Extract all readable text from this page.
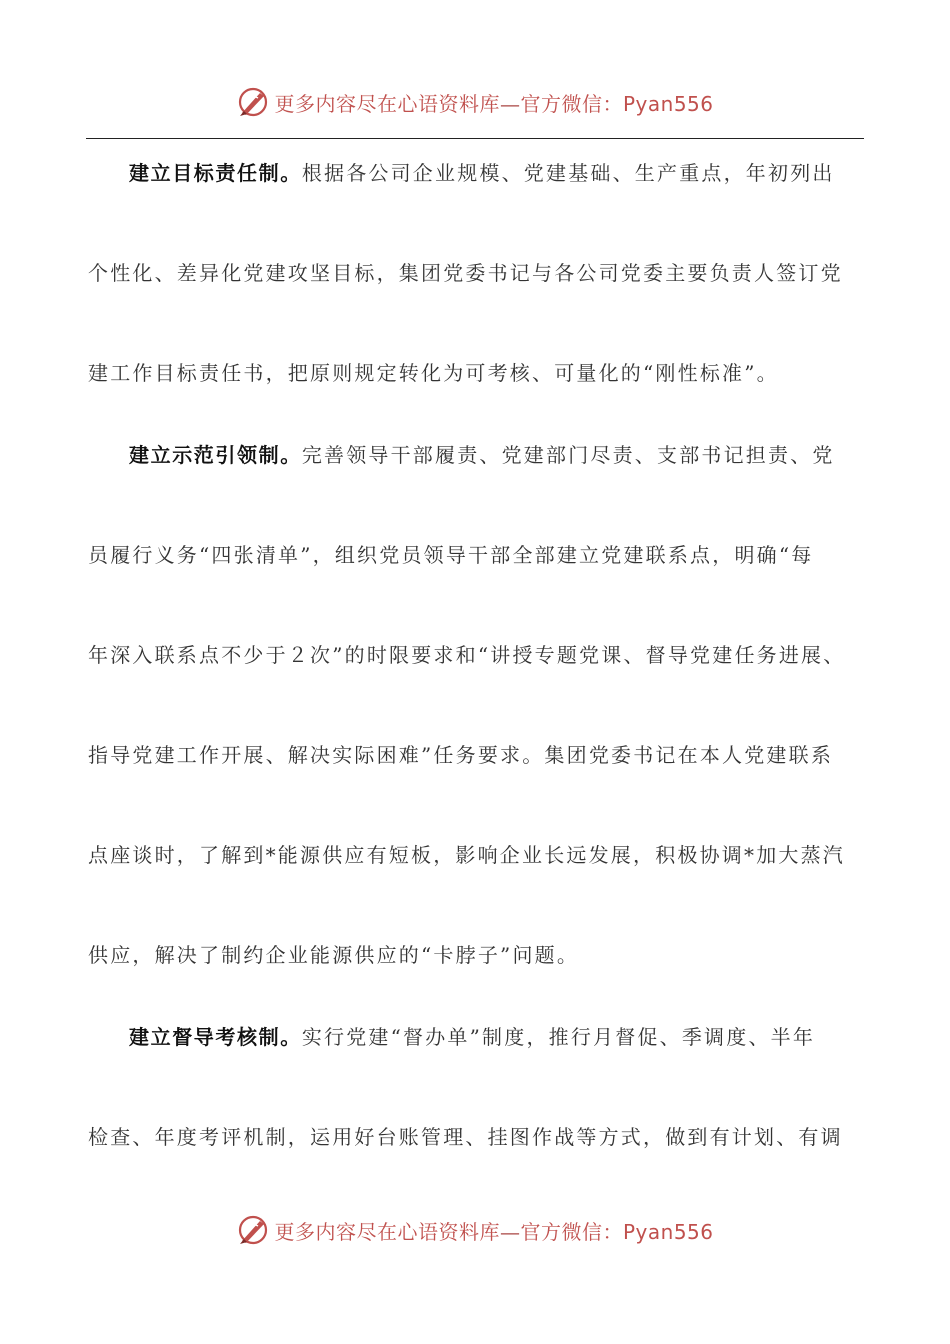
更多内容尽在心语资料库—官方微信：Pyan556
建立目标责任制。根据各公司企业规模、党建基础、生产重点，年初列出
个性化、差异化党建攻坚目标，集团党委书记与各公司党委主要负责人签订党
建工作目标责任书，把原则规定转化为可考核、可量化的“刚性标准”。
建立示范引领制。完善领导干部履责、党建部门尽责、支部书记担责、党
员履行义务“四张清单”，组织党员领导干部全部建立党建联系点，明确“每
年深入联系点不少于２次”的时限要求和“讲授专题党课、督导党建任务进展、
指导党建工作开展、解决实际困难”任务要求。集团党委书记在本人党建联系
点座谈时，了解到*能源供应有短板，影响企业长远发展，积极协调*加大蒸汽
供应，解决了制约企业能源供应的“卡脖子”问题。
建立督导考核制。实行党建“督办单”制度，推行月督促、季调度、半年
检查、年度考评机制，运用好台账管理、挂图作战等方式，做到有计划、有调
更多内容尽在心语资料库—官方微信：Pyan556
